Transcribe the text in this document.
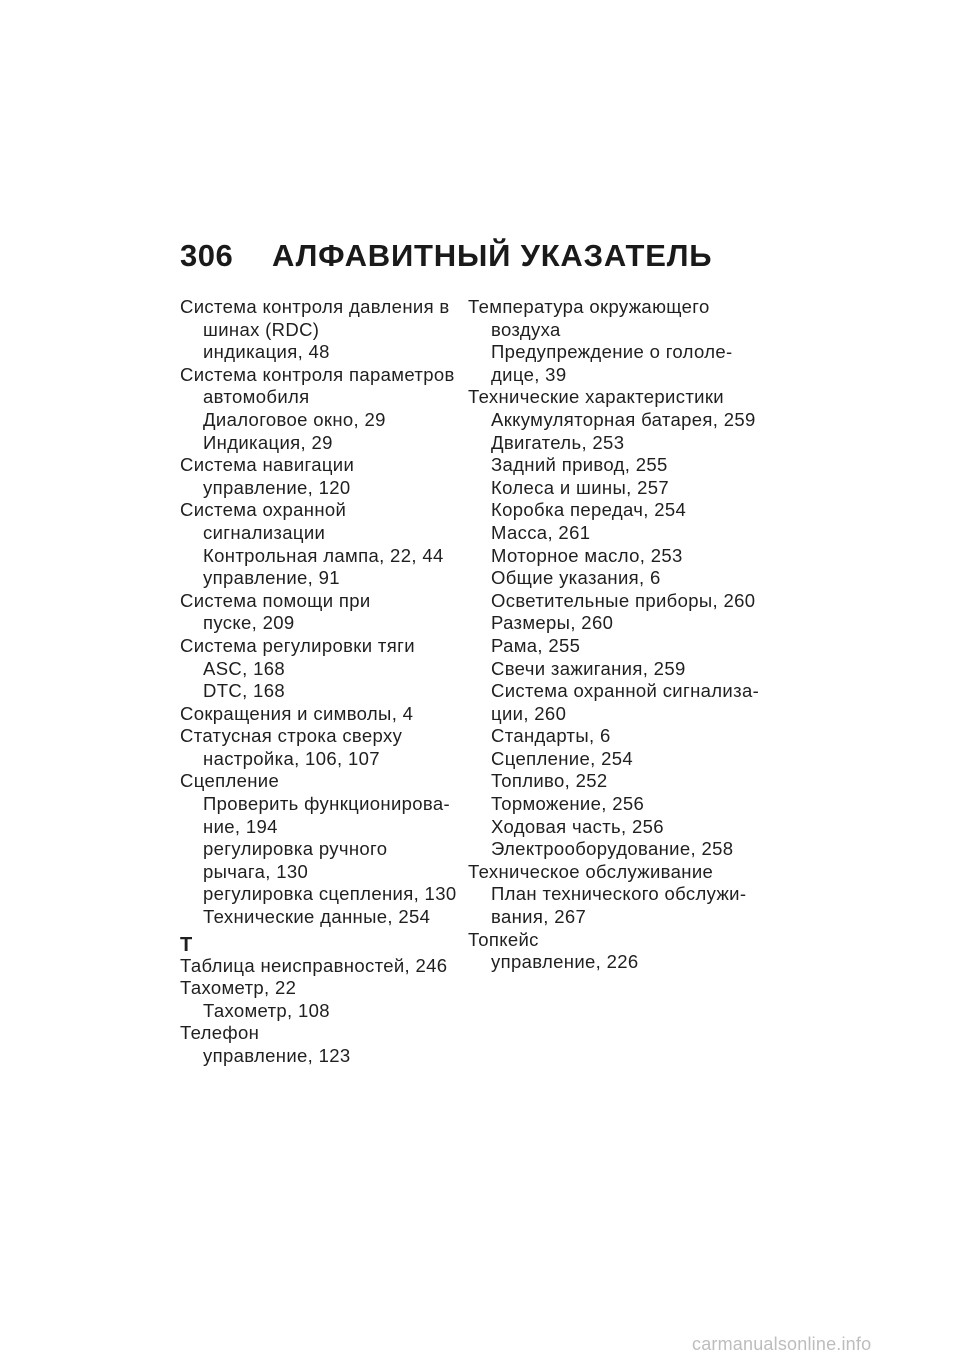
306	АЛФАВИТНЫЙ УКАЗАТЕЛЬ
Система контроля давления в
шинах (RDC)
индикация, 48
Система контроля параметров
автомобиля
Диалоговое окно, 29
Индикация, 29
Система навигации
управление, 120
Система охранной
сигнализации
Контрольная лампа, 22, 44
управление, 91
Система помощи при
пуске, 209
Система регулировки тяги
ASC, 168
DTC, 168
Сокращения и символы, 4
Статусная строка сверху
настройка, 106, 107
Сцепление
Проверить функционирова-
ние, 194
регулировка ручного
рычага, 130
регулировка сцепления, 130
Технические данные, 254
Т
Таблица неисправностей, 246
Тахометр, 22
Тахометр, 108
Телефон
управление, 123
Температура окружающего
воздуха
Предупреждение о гололе-
дице, 39
Технические характеристики
Аккумуляторная батарея, 259
Двигатель, 253
Задний привод, 255
Колеса и шины, 257
Коробка передач, 254
Масса, 261
Моторное масло, 253
Общие указания, 6
Осветительные приборы, 260
Размеры, 260
Рама, 255
Свечи зажигания, 259
Система охранной сигнализа-
ции, 260
Стандарты, 6
Сцепление, 254
Топливо, 252
Торможение, 256
Ходовая часть, 256
Электрооборудование, 258
Техническое обслуживание
План технического обслужи-
вания, 267
Топкейс
управление, 226
carmanualsonline.info
